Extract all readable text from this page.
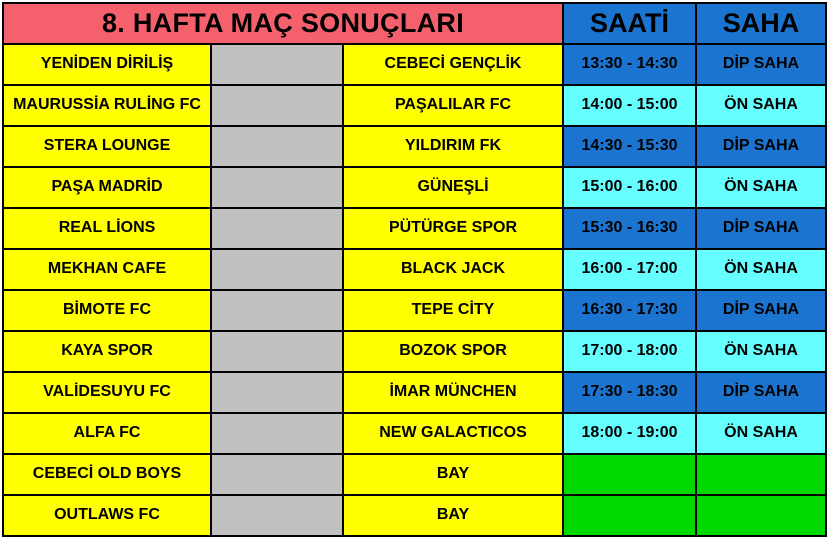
8. HAFTA MAÇ SONUÇLARI			SAATİ	SAHA
YENİDEN DİRİLİŞ		CEBECİ GENÇLİK	13:30 - 14:30	DİP SAHA
MAURUSSİA RULİNG FC		PAŞALILAR FC	14:00 - 15:00	ÖN SAHA
STERA LOUNGE		YILDIRIM FK	14:30 - 15:30	DİP SAHA
PAŞA MADRİD		GÜNEŞLİ	15:00 - 16:00	ÖN SAHA
REAL LİONS		PÜTÜRGE SPOR	15:30 - 16:30	DİP SAHA
MEKHAN CAFE		BLACK JACK	16:00 - 17:00	ÖN SAHA
BİMOTE FC		TEPE CİTY	16:30 - 17:30	DİP SAHA
KAYA SPOR		BOZOK SPOR	17:00 - 18:00	ÖN SAHA
VALİDESUYU FC		İMAR MÜNCHEN	17:30 - 18:30	DİP SAHA
ALFA FC		NEW GALACTICOS	18:00 - 19:00	ÖN SAHA
CEBECİ OLD BOYS		BAY		
OUTLAWS FC		BAY		
